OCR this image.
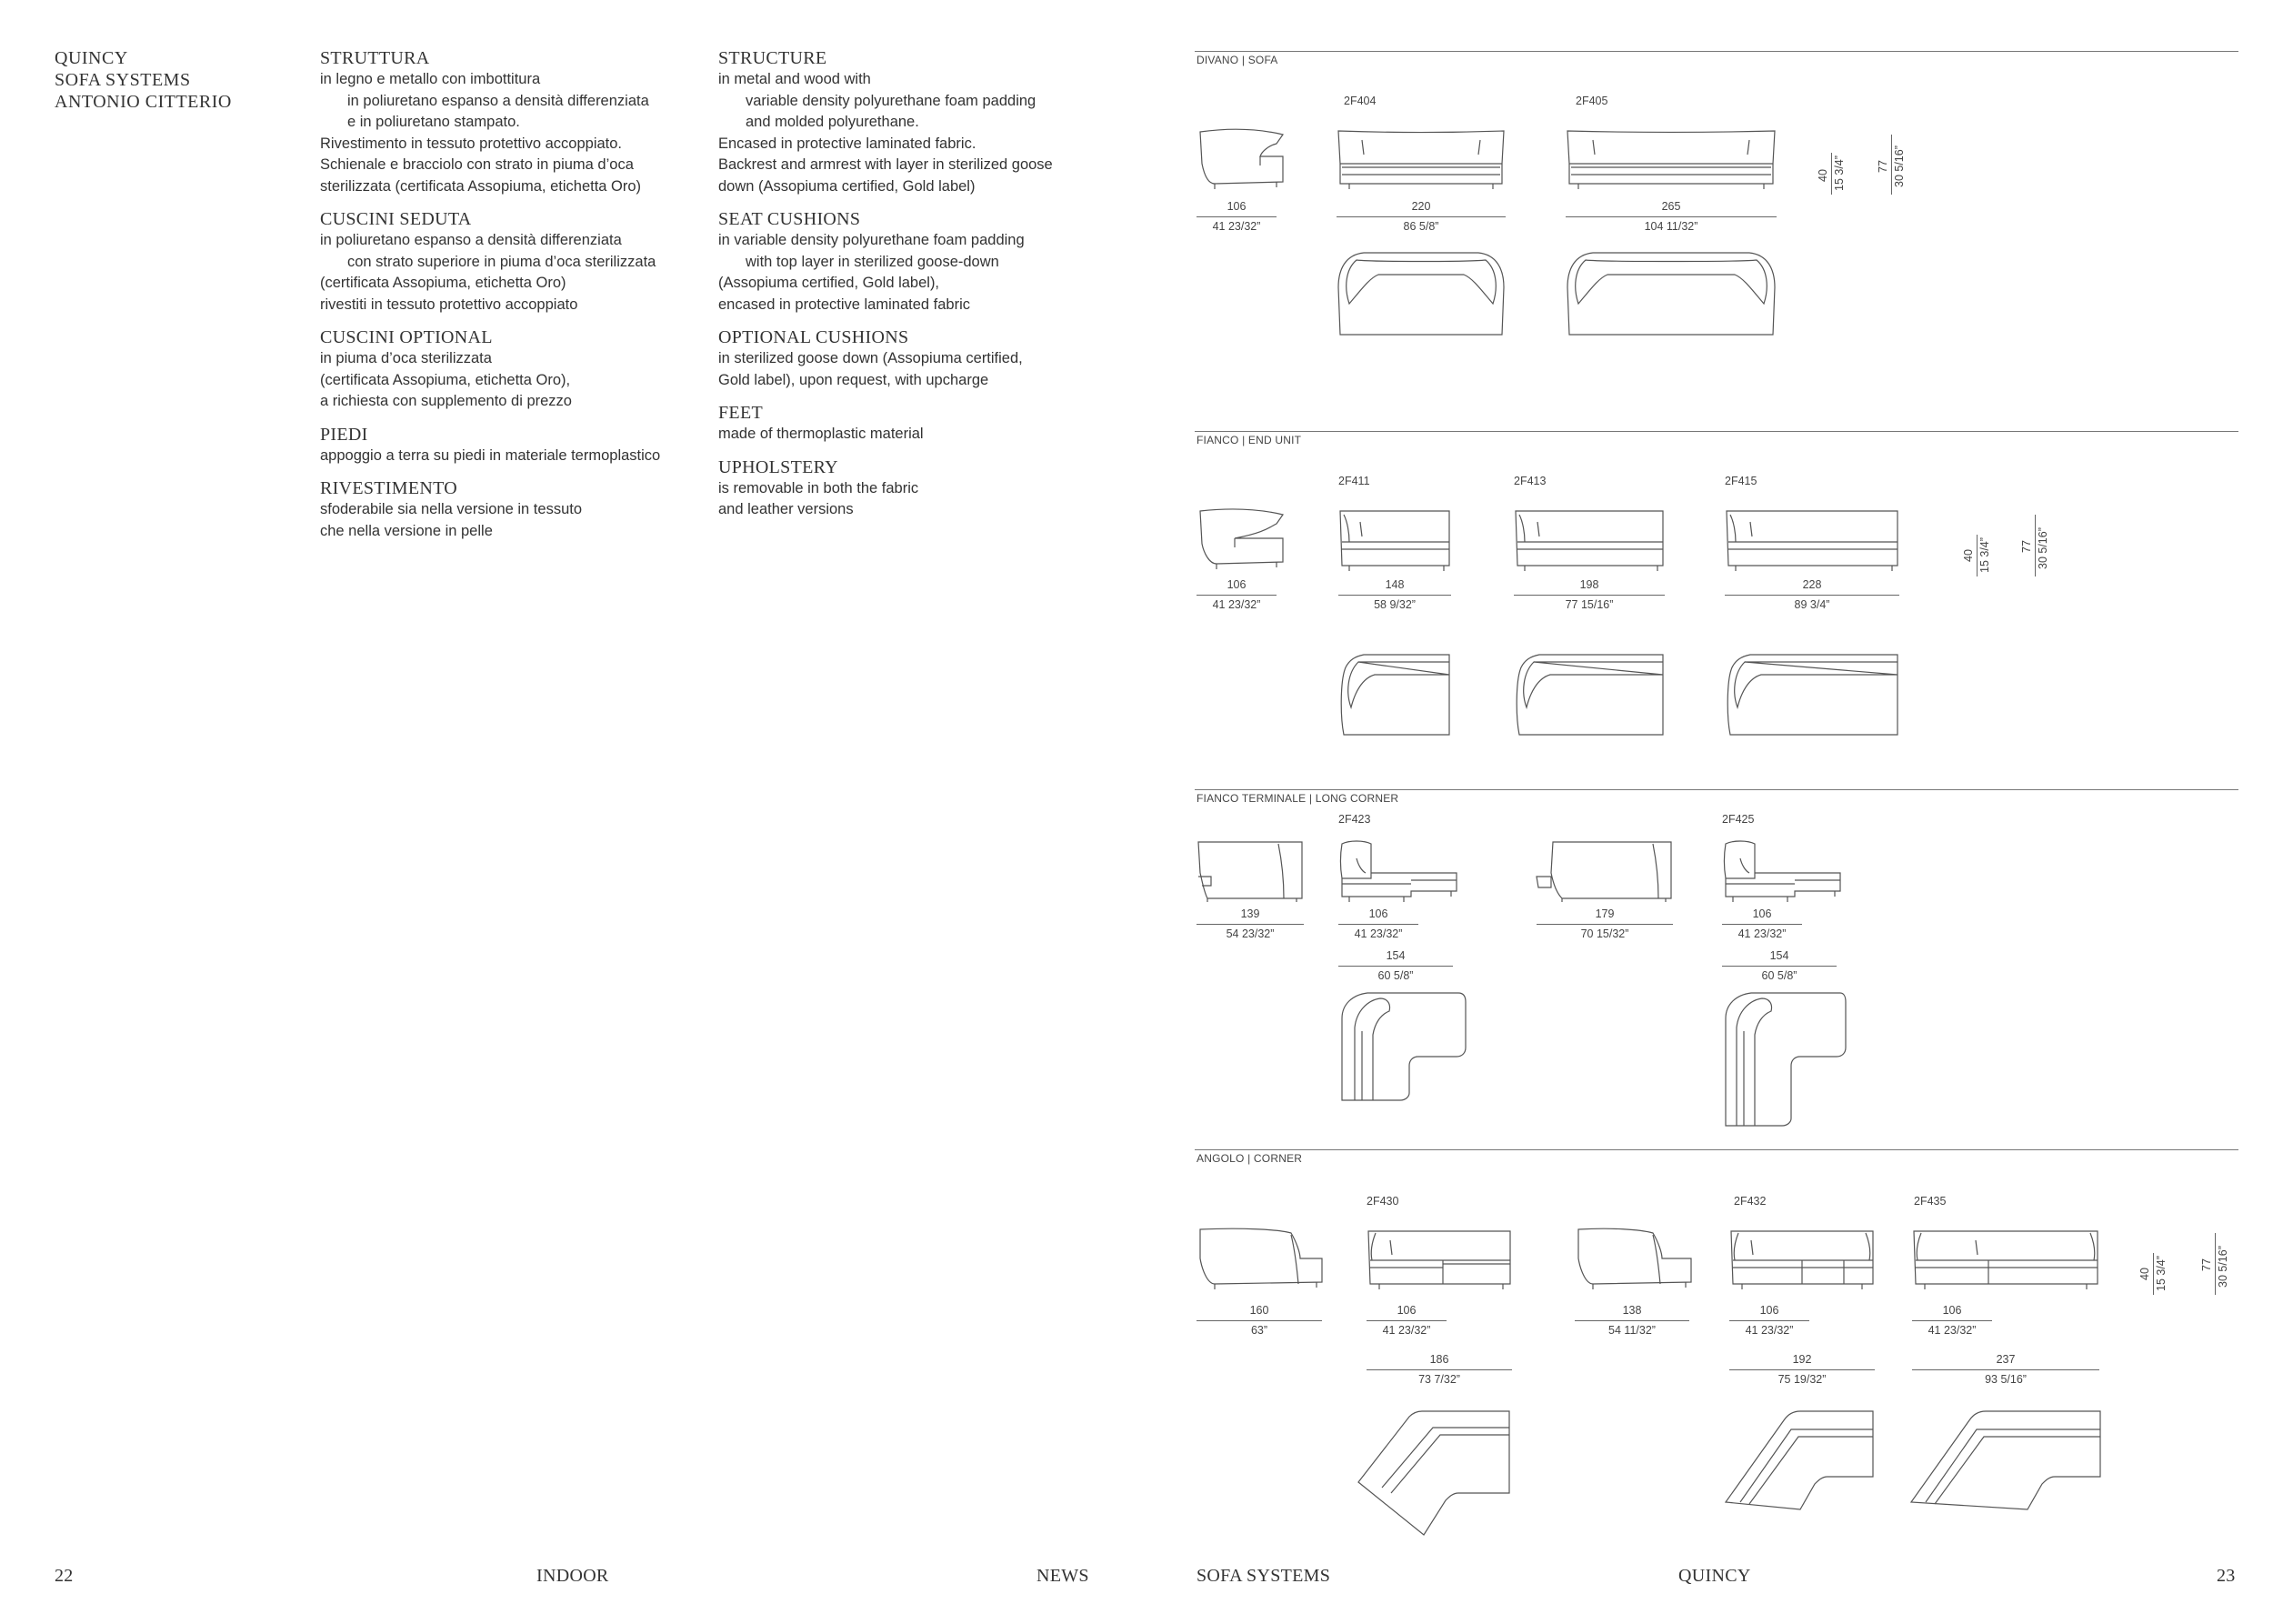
QUINCY
SOFA SYSTEMS
ANTONIO CITTERIO
STRUTTURA
in legno e metallo con imbottitura
in poliuretano espanso a densità differenziata
e in poliuretano stampato.
Rivestimento in tessuto protettivo accoppiato.
Schienale e bracciolo con strato in piuma d’oca
sterilizzata (certificata Assopiuma, etichetta Oro)
CUSCINI SEDUTA
in poliuretano espanso a densità differenziata
con strato superiore in piuma d’oca sterilizzata
(certificata Assopiuma, etichetta Oro)
rivestiti in tessuto protettivo accoppiato
CUSCINI OPTIONAL
in piuma d’oca sterilizzata
(certificata Assopiuma, etichetta Oro),
a richiesta con supplemento di prezzo
PIEDI
appoggio a terra su piedi in materiale termoplastico
RIVESTIMENTO
sfoderabile sia nella versione in tessuto
che nella versione in pelle
STRUCTURE
in metal and wood with
variable density polyurethane foam padding
and molded polyurethane.
Encased in protective laminated fabric.
Backrest and armrest with layer in sterilized goose
down (Assopiuma certified, Gold label)
SEAT CUSHIONS
in variable density polyurethane foam padding
with top layer in sterilized goose-down
(Assopiuma certified, Gold label),
encased in protective laminated fabric
OPTIONAL CUSHIONS
in sterilized goose down (Assopiuma certified,
Gold label), upon request, with upcharge
FEET
made of thermoplastic material
UPHOLSTERY
is removable in both the fabric
and leather versions
DIVANO | SOFA
2F404	2F405
106
41 23/32”
220
86 5/8”
265
104 11/32”
40 15 3/4”	77 30 5/16”
FIANCO | END UNIT
2F411	2F413	2F415
106
41 23/32”
148
58 9/32”
198
77 15/16”
228
89 3/4”
40 15 3/4”	77 30 5/16”
FIANCO TERMINALE | LONG CORNER
2F423	2F425
139
54 23/32”
106
41 23/32”
154
60 5/8”
179
70 15/32”
106
41 23/32”
154
60 5/8”
ANGOLO | CORNER
2F430	2F432	2F435
160
63”
106
41 23/32”
186
73 7/32”
138
54 11/32”
106
41 23/32”
192
75 19/32”
106
41 23/32”
237
93 5/16”
40 15 3/4”	77 30 5/16”
22	INDOOR	NEWS	SOFA SYSTEMS	QUINCY	23
